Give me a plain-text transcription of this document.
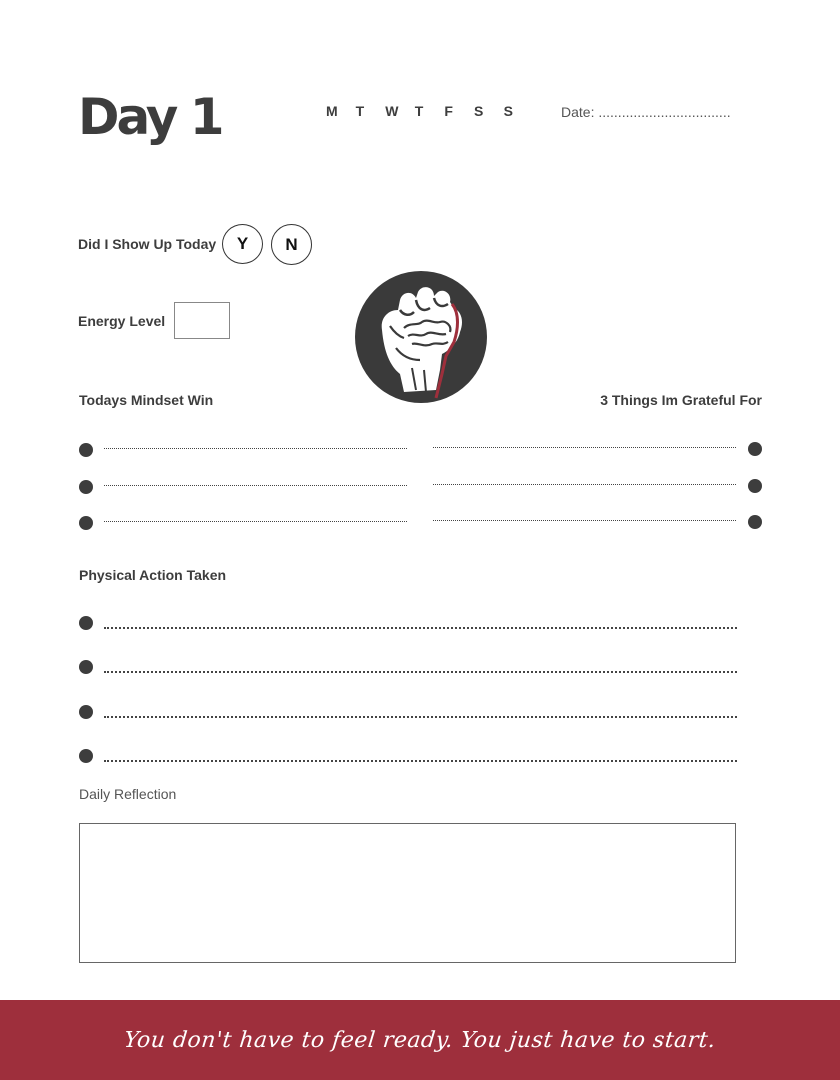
Day 1	M	T	W	T	F	S	S	Date: ..................................
Did I Show Up Today	Y	N
Energy Level
Todays Mindset Win	3 Things Im Grateful For
Physical Action Taken
Daily Reflection
You don't have to feel ready. You just have to start.
